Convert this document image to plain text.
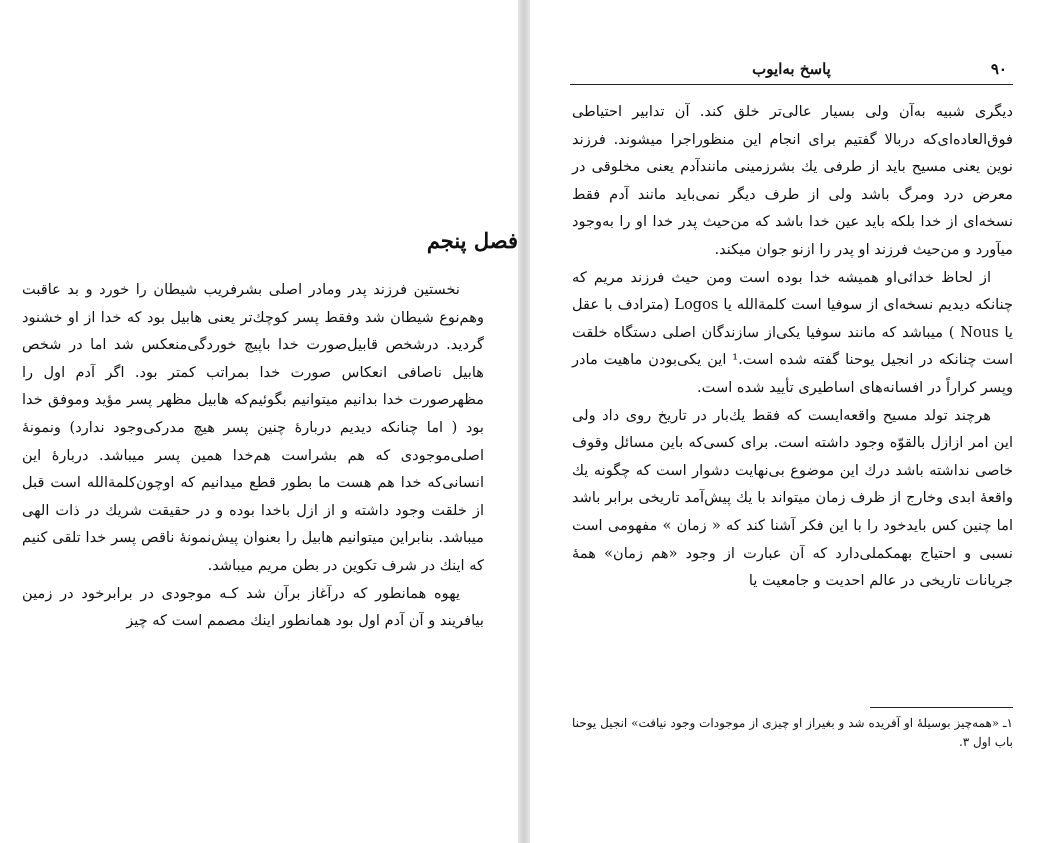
فصل پنجم

نخستین فرزند پدر ومادر اصلی بشرفریب شیطان را خورد و بد عاقبت وهم‌نوع شیطان شد وفقط پسر کوچك‌تر یعنی هابیل بود که خدا از او خشنود گردید. درشخص قابیل‌صورت خدا باپیچ خوردگی‌منعکس شد اما در شخص هابیل ناصافی انعکاس صورت خدا بمراتب کمتر بود. اگر آدم اول را مظهرصورت خدا بدانیم میتوانیم بگوئیم‌که هابیل مظهر پسر مؤید وموفق خدا بود ( اما چنانکه دیدیم دربارهٔ چنین پسر هیچ مدرکی‌وجود ندارد) ونمونهٔ اصلی‌موجودی که هم بشراست هم‌خدا همین پسر میباشد. دربارهٔ این انسانی‌که خدا هم هست ما بطور قطع میدانیم که اوچون‌کلمةالله است قبل از خلقت وجود داشته و از ازل باخدا بوده و در حقیقت شریك در ذات الهی میباشد. بنابراین میتوانیم هابیل را بعنوان پیش‌نمونهٔ ناقص پسر خدا تلقی کنیم که اینك در شرف تکوین در بطن مریم میباشد.

یهوه همانطور که درآغاز برآن شد کـه موجودی در برابرخود در زمین بیافریند و آن آدم اول بود همانطور اینك مصمم است که چیز

۹۰
پاسخ به‌ایوب

دیگری شبیه به‌آن ولی بسیار عالی‌تر خلق کند. آن تدابیر احتیاطی فوق‌العاده‌ای‌که دربالا گفتیم برای انجام این منظوراجرا میشوند. فرزند نوین یعنی مسیح باید از طرفی یك بشرزمینی مانندآدم یعنی مخلوقی در معرض درد ومرگ باشد ولی از طرف دیگر نمی‌باید مانند آدم فقط نسخه‌ای از خدا بلکه باید عین خدا باشد که من‌حیث پدر خدا او را به‌وجود میآورد و من‌حیث فرزند او پدر را ازنو جوان میکند.

از لحاظ خدائی‌او همیشه خدا بوده است ومن حیث فرزند مریم که چنانکه دیدیم نسخه‌ای از سوفیا است کلمةالله یا Logos (مترادف با عقل یا Nous ) میباشد که مانند سوفیا یکی‌از سازندگان اصلی دستگاه خلقت است چنانکه در انجیل یوحنا گفته شده است.¹ این یکی‌بودن ماهیت مادر وپسر کراراً در افسانه‌های اساطیری تأیید شده است.

هرچند تولد مسیح واقعه‌ایست که فقط یك‌بار در تاریخ روی داد ولی این امر ازازل بالقوّه وجود داشته است. برای کسی‌که باین مسائل وقوف خاصی نداشته باشد درك این موضوع بی‌نهایت دشوار است که چگونه یك واقعهٔ ابدی وخارج از ظرف زمان میتواند با یك پیش‌آمد تاریخی برابر باشد اما چنین کس بایدخود را با این فکر آشنا کند که « زمان » مفهومی است نسبی و احتیاج بهمکملی‌دارد که آن عبارت از وجود «هم زمان» همهٔ جریانات تاریخی در عالم احدیت و جامعیت یا

۱ـ «همه‌چیز بوسیلهٔ او آفریده شد و بغیراز او چیزی از موجودات وجود نیافت» انجیل یوحنا باب اول ۳.
